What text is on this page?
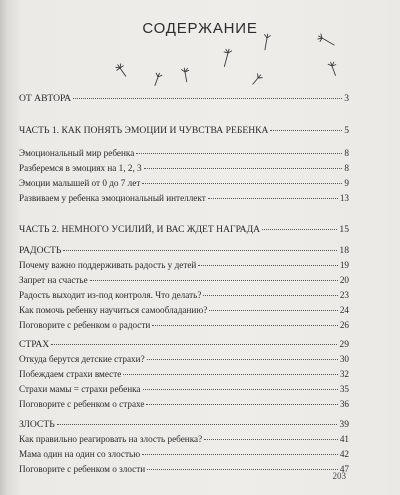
СОДЕРЖАНИЕ
ОТ АВТОРА	3
ЧАСТЬ 1. КАК ПОНЯТЬ ЭМОЦИИ И ЧУВСТВА РЕБЕНКА	5
Эмоциональный мир ребенка	8
Разберемся в эмоциях на 1, 2, 3	8
Эмоции малышей от 0 до 7 лет	9
Развиваем у ребенка эмоциональный интеллект	13
ЧАСТЬ 2. НЕМНОГО УСИЛИЙ, И ВАС ЖДЕТ НАГРАДА	15
РАДОСТЬ	18
Почему важно поддерживать радость у детей	19
Запрет на счастье	20
Радость выходит из-под контроля. Что делать?	23
Как помочь ребенку научиться самообладанию?	24
Поговорите с ребенком о радости	26
СТРАХ	29
Откуда берутся детские страхи?	30
Побеждаем страхи вместе	32
Страхи мамы = страхи ребенка	35
Поговорите с ребенком о страхе	36
ЗЛОСТЬ	39
Как правильно реагировать на злость ребенка?	41
Мама один на один со злостью	42
Поговорите с ребенком о злости	47
203
